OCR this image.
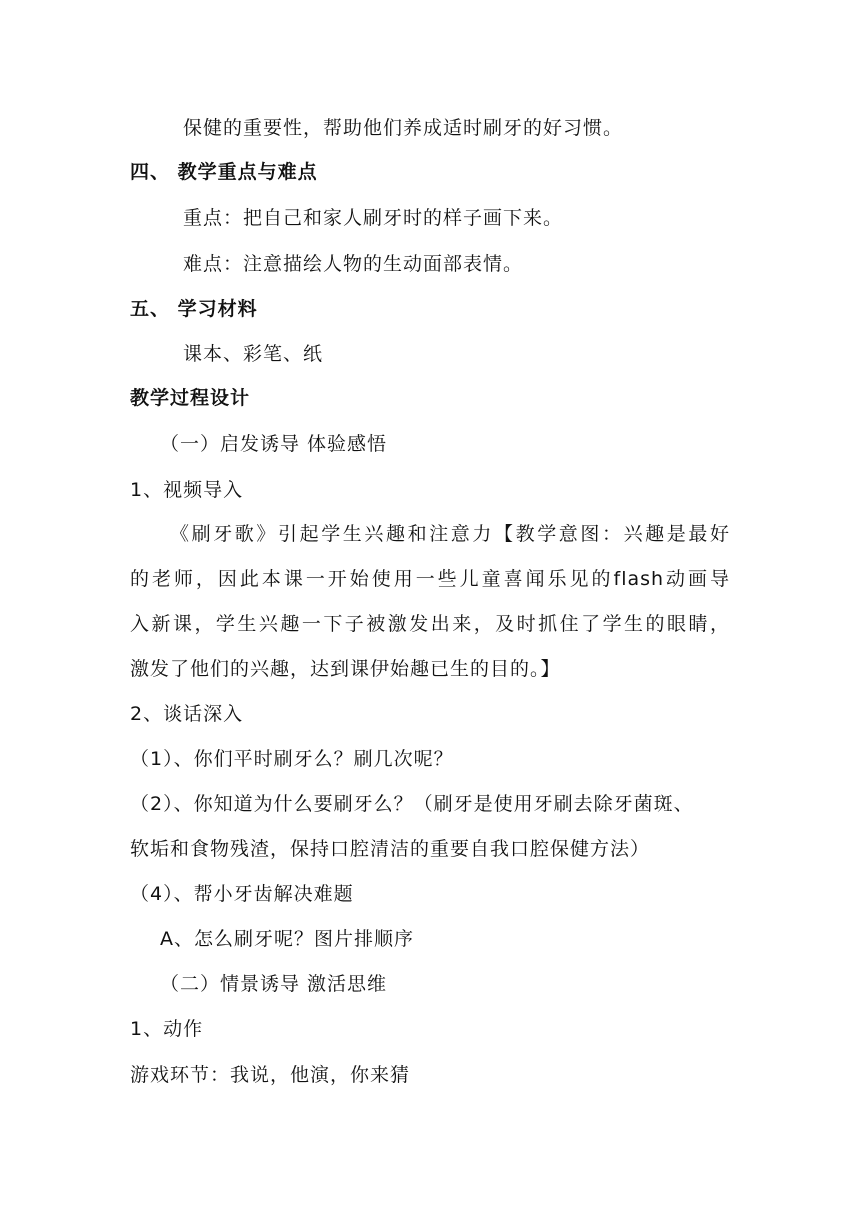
保健的重要性，帮助他们养成适时刷牙的好习惯。
四、 教学重点与难点
重点：把自己和家人刷牙时的样子画下来。
难点：注意描绘人物的生动面部表情。
五、 学习材料
课本、彩笔、纸
教学过程设计
（一）启发诱导 体验感悟
1、视频导入
《刷牙歌》引起学生兴趣和注意力【教学意图：兴趣是最好
的老师，因此本课一开始使用一些儿童喜闻乐见的flash动画导
入新课，学生兴趣一下子被激发出来，及时抓住了学生的眼睛，
激发了他们的兴趣，达到课伊始趣已生的目的。】
2、谈话深入
（1）、你们平时刷牙么？刷几次呢？
（2）、你知道为什么要刷牙么？（刷牙是使用牙刷去除牙菌斑、
软垢和食物残渣，保持口腔清洁的重要自我口腔保健方法）
（4）、帮小牙齿解决难题
A、怎么刷牙呢？图片排顺序
（二）情景诱导 激活思维
1、动作
游戏环节：我说，他演，你来猜
